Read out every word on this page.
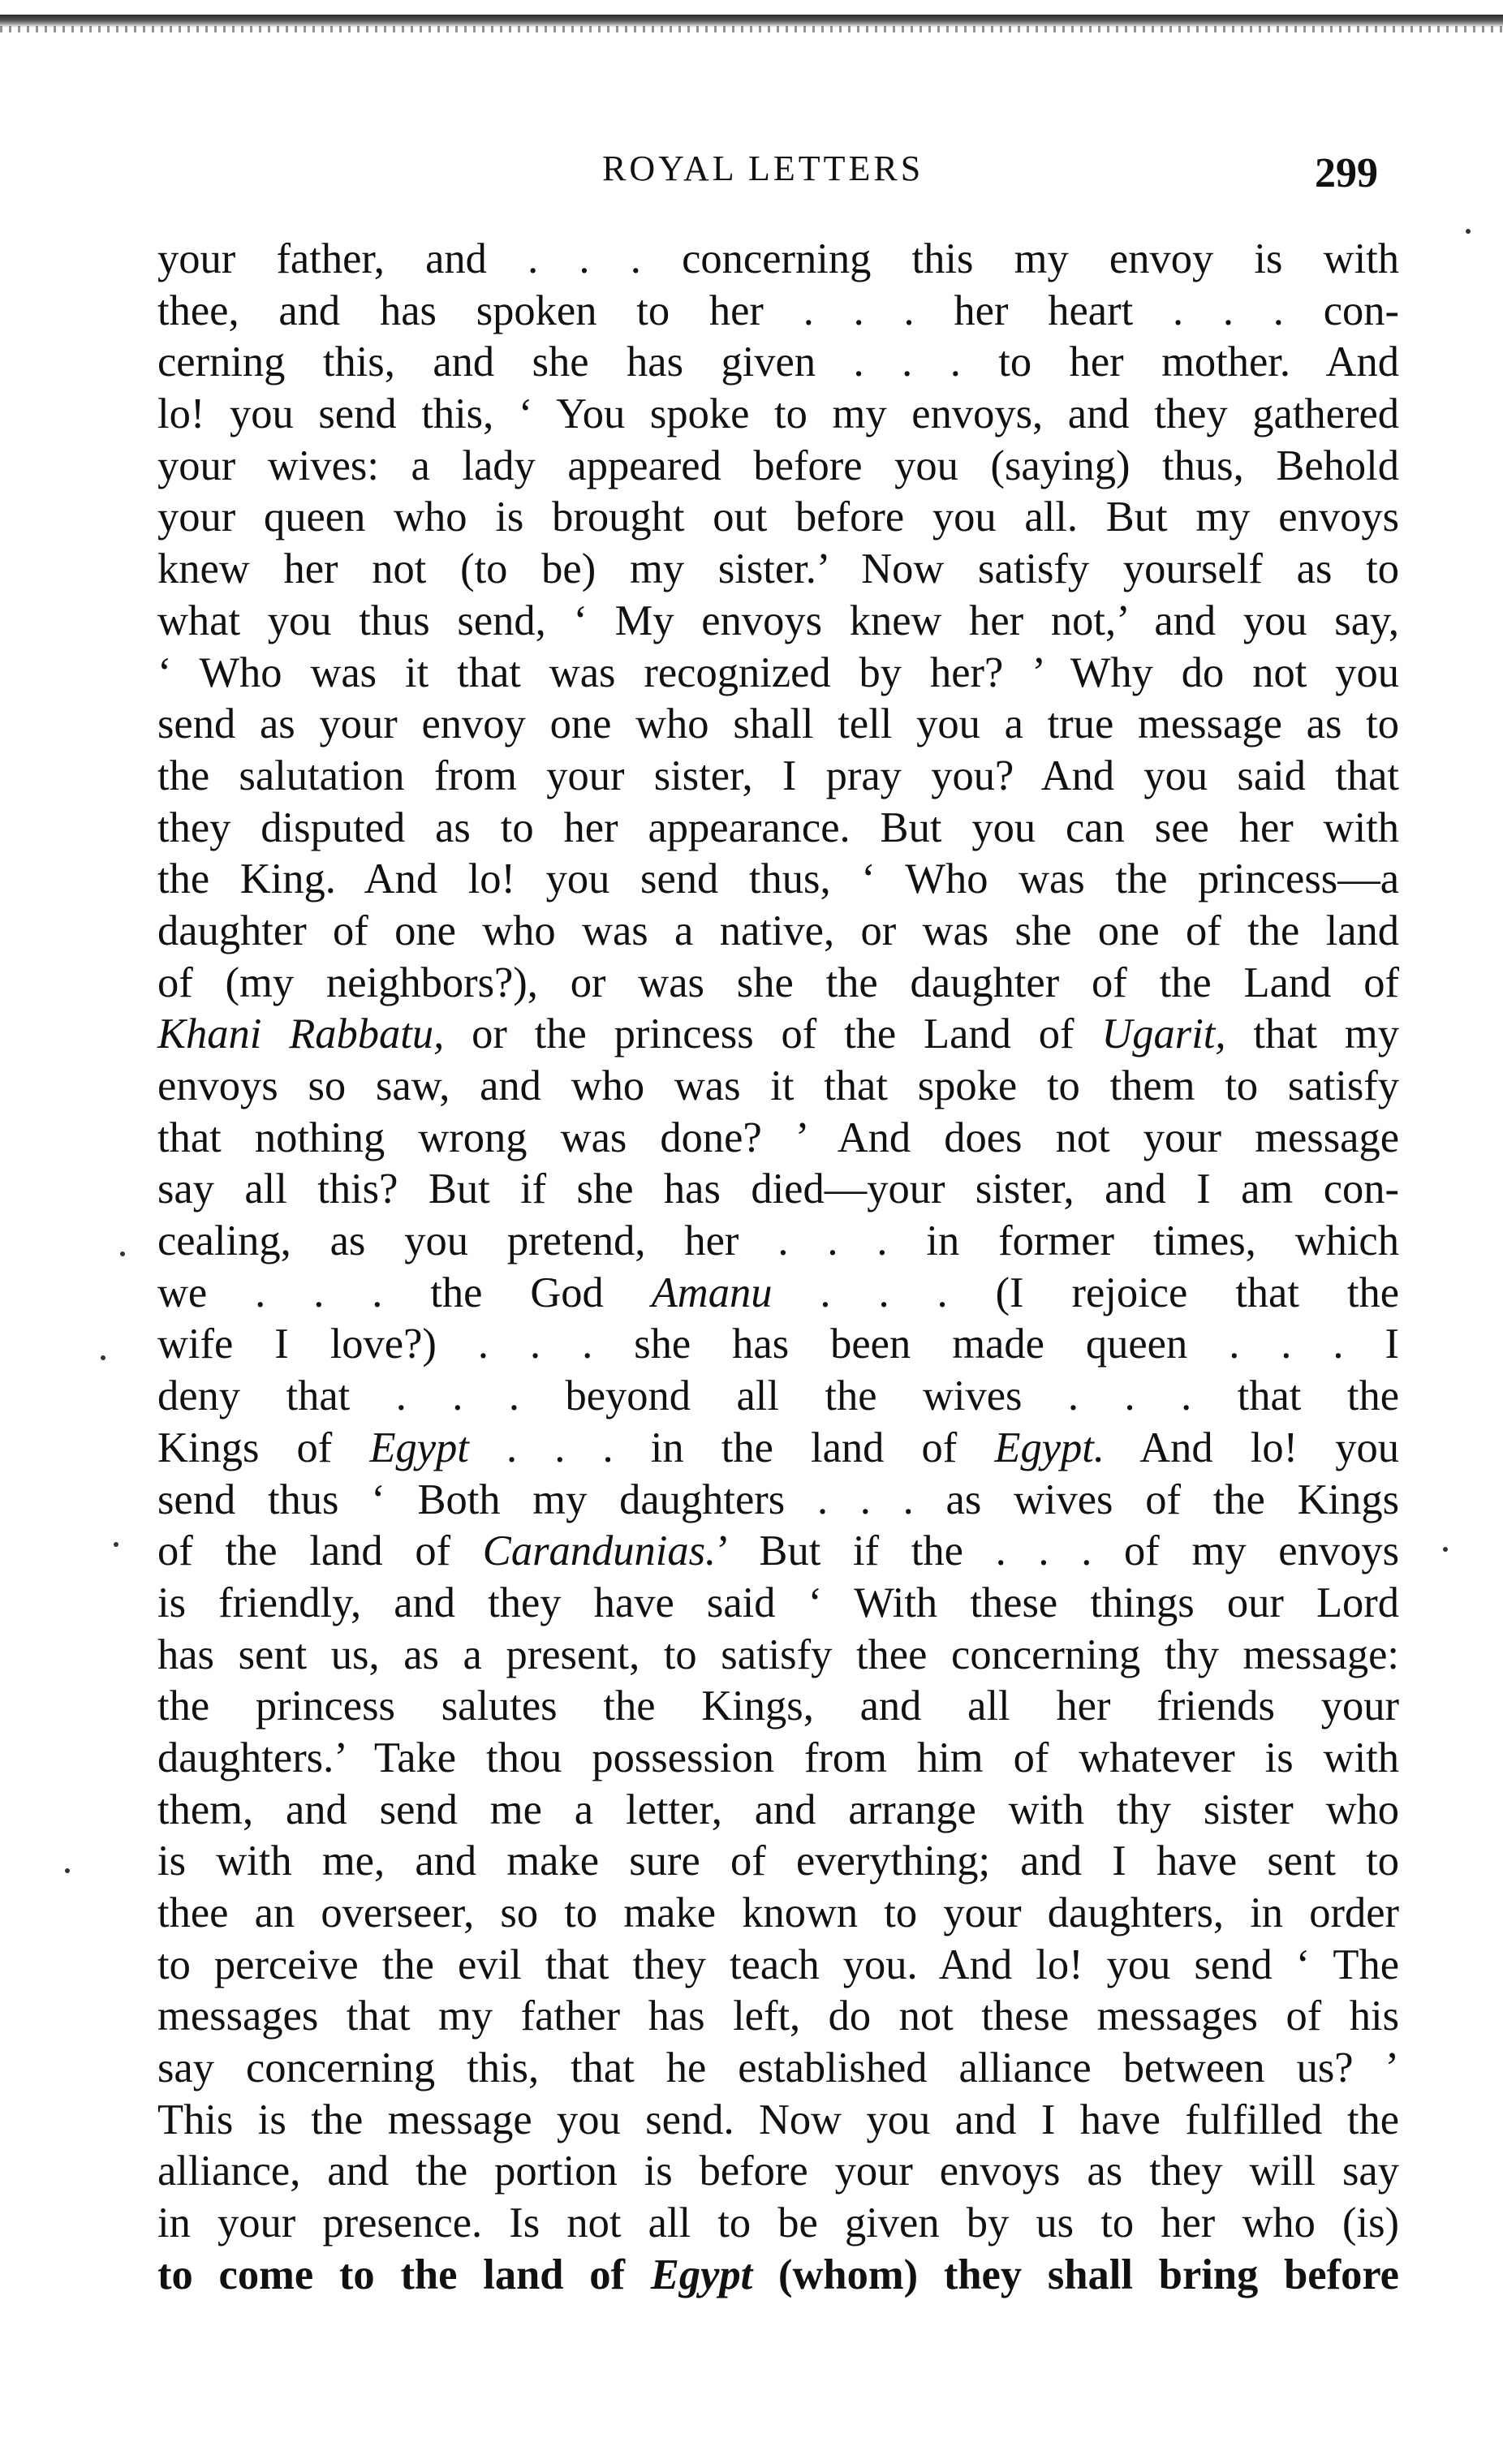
ROYAL LETTERS	299
your father, and . . . concerning this my envoy is with
thee, and has spoken to her . . . her heart . . . con-
cerning this, and she has given . . . to her mother. And
lo! you send this, ‘ You spoke to my envoys, and they gathered
your wives: a lady appeared before you (saying) thus, Behold
your queen who is brought out before you all. But my envoys
knew her not (to be) my sister.’ Now satisfy yourself as to
what you thus send, ‘ My envoys knew her not,’ and you say,
‘ Who was it that was recognized by her? ’ Why do not you
send as your envoy one who shall tell you a true message as to
the salutation from your sister, I pray you? And you said that
they disputed as to her appearance. But you can see her with
the King. And lo! you send thus, ‘ Who was the princess—a
daughter of one who was a native, or was she one of the land
of (my neighbors?), or was she the daughter of the Land of
Khani Rabbatu, or the princess of the Land of Ugarit, that my
envoys so saw, and who was it that spoke to them to satisfy
that nothing wrong was done? ’ And does not your message
say all this? But if she has died—your sister, and I am con-
cealing, as you pretend, her . . . in former times, which
we . . . the God Amanu . . . (I rejoice that the
wife I love?) . . . she has been made queen . . . I
deny that . . . beyond all the wives . . . that the
Kings of Egypt . . . in the land of Egypt. And lo! you
send thus ‘ Both my daughters . . . as wives of the Kings
of the land of Carandunias.’ But if the . . . of my envoys
is friendly, and they have said ‘ With these things our Lord
has sent us, as a present, to satisfy thee concerning thy message:
the princess salutes the Kings, and all her friends your
daughters.’ Take thou possession from him of whatever is with
them, and send me a letter, and arrange with thy sister who
is with me, and make sure of everything; and I have sent to
thee an overseer, so to make known to your daughters, in order
to perceive the evil that they teach you. And lo! you send ‘ The
messages that my father has left, do not these messages of his
say concerning this, that he established alliance between us? ’
This is the message you send. Now you and I have fulfilled the
alliance, and the portion is before your envoys as they will say
in your presence. Is not all to be given by us to her who (is)
to come to the land of Egypt (whom) they shall bring before
